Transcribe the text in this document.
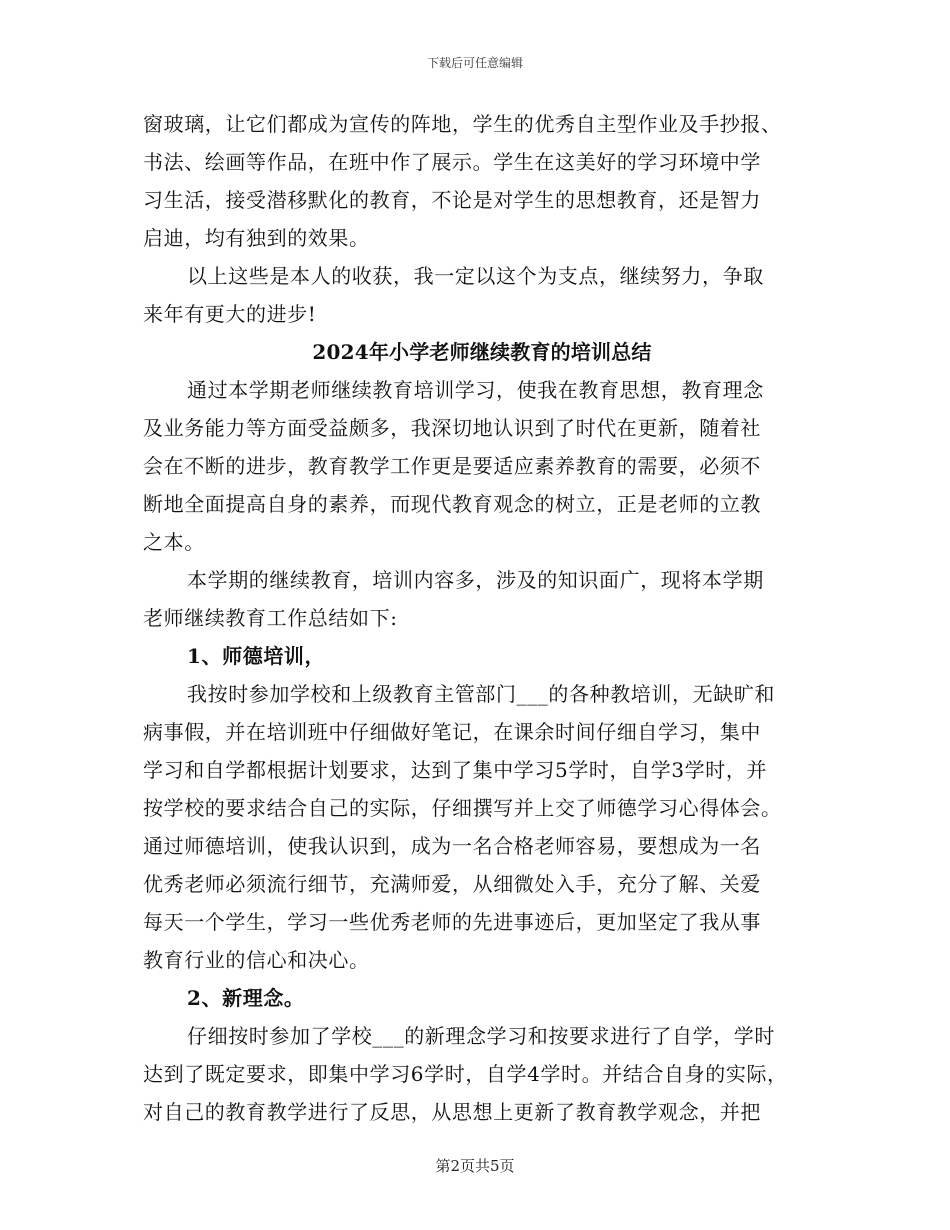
下载后可任意编辑
窗玻璃，让它们都成为宣传的阵地，学生的优秀自主型作业及手抄报、
书法、绘画等作品，在班中作了展示。学生在这美好的学习环境中学
习生活，接受潜移默化的教育，不论是对学生的思想教育，还是智力
启迪，均有独到的效果。
以上这些是本人的收获，我一定以这个为支点，继续努力，争取
来年有更大的进步!
2024年小学老师继续教育的培训总结
通过本学期老师继续教育培训学习，使我在教育思想，教育理念
及业务能力等方面受益颇多，我深切地认识到了时代在更新，随着社
会在不断的进步，教育教学工作更是要适应素养教育的需要，必须不
断地全面提高自身的素养，而现代教育观念的树立，正是老师的立教
之本。
本学期的继续教育，培训内容多，涉及的知识面广，现将本学期
老师继续教育工作总结如下:
1、师德培训，
我按时参加学校和上级教育主管部门___的各种教培训，无缺旷和
病事假，并在培训班中仔细做好笔记，在课余时间仔细自学习，集中
学习和自学都根据计划要求，达到了集中学习5学时，自学3学时，并
按学校的要求结合自己的实际，仔细撰写并上交了师德学习心得体会。
通过师德培训，使我认识到，成为一名合格老师容易，要想成为一名
优秀老师必须流行细节，充满师爱，从细微处入手，充分了解、关爱
每天一个学生，学习一些优秀老师的先进事迹后，更加坚定了我从事
教育行业的信心和决心。
2、新理念。
仔细按时参加了学校___的新理念学习和按要求进行了自学，学时
达到了既定要求，即集中学习6学时，自学4学时。并结合自身的实际，
对自己的教育教学进行了反思，从思想上更新了教育教学观念，并把
第2页共5页
